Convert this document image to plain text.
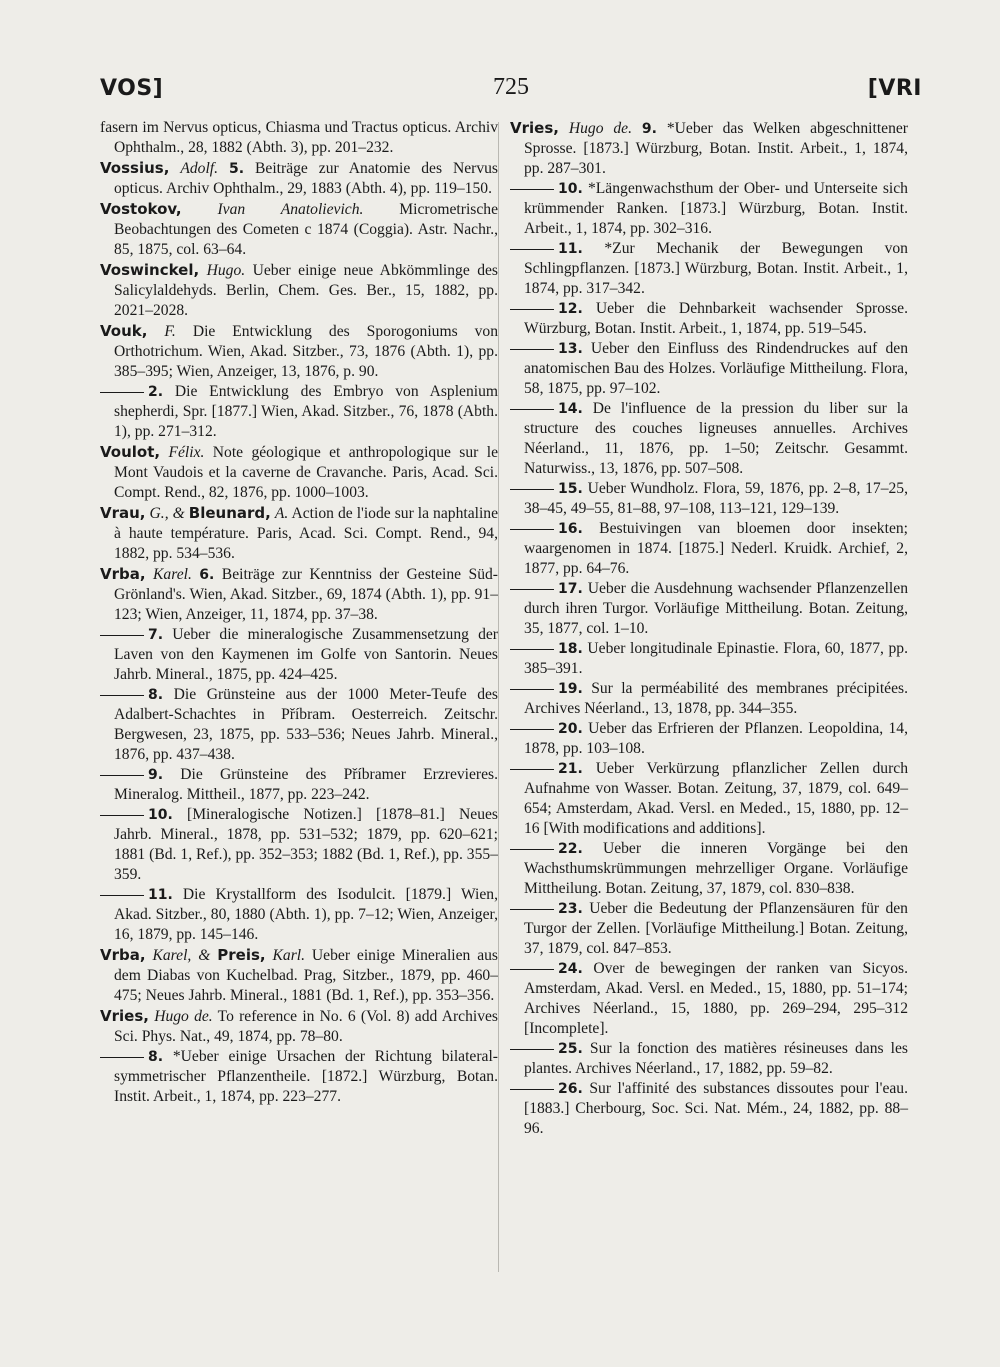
VOS]	725	[VRI

fasern im Nervus opticus, Chiasma und Tractus opticus. Archiv Ophthalm., 28, 1882 (Abth. 3), pp. 201–232.

Vossius, Adolf. 5. Beiträge zur Anatomie des Nervus opticus. Archiv Ophthalm., 29, 1883 (Abth. 4), pp. 119–150.

Vostokov, Ivan Anatolievich. Micrometrische Beobachtungen des Cometen c 1874 (Coggia). Astr. Nachr., 85, 1875, col. 63–64.

Voswinckel, Hugo. Ueber einige neue Abkömmlinge des Salicylaldehyds. Berlin, Chem. Ges. Ber., 15, 1882, pp. 2021–2028.

Vouk, F. Die Entwicklung des Sporogoniums von Orthotrichum. Wien, Akad. Sitzber., 73, 1876 (Abth. 1), pp. 385–395; Wien, Anzeiger, 13, 1876, p. 90.

2. Die Entwicklung des Embryo von Asplenium shepherdi, Spr. [1877.] Wien, Akad. Sitzber., 76, 1878 (Abth. 1), pp. 271–312.

Voulot, Félix. Note géologique et anthropologique sur le Mont Vaudois et la caverne de Cravanche. Paris, Acad. Sci. Compt. Rend., 82, 1876, pp. 1000–1003.

Vrau, G., & Bleunard, A. Action de l'iode sur la naphtaline à haute température. Paris, Acad. Sci. Compt. Rend., 94, 1882, pp. 534–536.

Vrba, Karel. 6. Beiträge zur Kenntniss der Gesteine Süd-Grönland's. Wien, Akad. Sitzber., 69, 1874 (Abth. 1), pp. 91–123; Wien, Anzeiger, 11, 1874, pp. 37–38.

7. Ueber die mineralogische Zusammensetzung der Laven von den Kaymenen im Golfe von Santorin. Neues Jahrb. Mineral., 1875, pp. 424–425.

8. Die Grünsteine aus der 1000 Meter-Teufe des Adalbert-Schachtes in Příbram. Oesterreich. Zeitschr. Bergwesen, 23, 1875, pp. 533–536; Neues Jahrb. Mineral., 1876, pp. 437–438.

9. Die Grünsteine des Příbramer Erzrevieres. Mineralog. Mittheil., 1877, pp. 223–242.

10. [Mineralogische Notizen.] [1878–81.] Neues Jahrb. Mineral., 1878, pp. 531–532; 1879, pp. 620–621; 1881 (Bd. 1, Ref.), pp. 352–353; 1882 (Bd. 1, Ref.), pp. 355–359.

11. Die Krystallform des Isodulcit. [1879.] Wien, Akad. Sitzber., 80, 1880 (Abth. 1), pp. 7–12; Wien, Anzeiger, 16, 1879, pp. 145–146.

Vrba, Karel, & Preis, Karl. Ueber einige Mineralien aus dem Diabas von Kuchelbad. Prag, Sitzber., 1879, pp. 460–475; Neues Jahrb. Mineral., 1881 (Bd. 1, Ref.), pp. 353–356.

Vries, Hugo de. To reference in No. 6 (Vol. 8) add Archives Sci. Phys. Nat., 49, 1874, pp. 78–80.

8. *Ueber einige Ursachen der Richtung bilateral-symmetrischer Pflanzentheile. [1872.] Würzburg, Botan. Instit. Arbeit., 1, 1874, pp. 223–277.

Vries, Hugo de. 9. *Ueber das Welken abgeschnittener Sprosse. [1873.] Würzburg, Botan. Instit. Arbeit., 1, 1874, pp. 287–301.

10. *Längenwachsthum der Ober- und Unterseite sich krümmender Ranken. [1873.] Würzburg, Botan. Instit. Arbeit., 1, 1874, pp. 302–316.

11. *Zur Mechanik der Bewegungen von Schlingpflanzen. [1873.] Würzburg, Botan. Instit. Arbeit., 1, 1874, pp. 317–342.

12. Ueber die Dehnbarkeit wachsender Sprosse. Würzburg, Botan. Instit. Arbeit., 1, 1874, pp. 519–545.

13. Ueber den Einfluss des Rindendruckes auf den anatomischen Bau des Holzes. Vorläufige Mittheilung. Flora, 58, 1875, pp. 97–102.

14. De l'influence de la pression du liber sur la structure des couches ligneuses annuelles. Archives Néerland., 11, 1876, pp. 1–50; Zeitschr. Gesammt. Naturwiss., 13, 1876, pp. 507–508.

15. Ueber Wundholz. Flora, 59, 1876, pp. 2–8, 17–25, 38–45, 49–55, 81–88, 97–108, 113–121, 129–139.

16. Bestuivingen van bloemen door insekten; waargenomen in 1874. [1875.] Nederl. Kruidk. Archief, 2, 1877, pp. 64–76.

17. Ueber die Ausdehnung wachsender Pflanzenzellen durch ihren Turgor. Vorläufige Mittheilung. Botan. Zeitung, 35, 1877, col. 1–10.

18. Ueber longitudinale Epinastie. Flora, 60, 1877, pp. 385–391.

19. Sur la perméabilité des membranes précipitées. Archives Néerland., 13, 1878, pp. 344–355.

20. Ueber das Erfrieren der Pflanzen. Leopoldina, 14, 1878, pp. 103–108.

21. Ueber Verkürzung pflanzlicher Zellen durch Aufnahme von Wasser. Botan. Zeitung, 37, 1879, col. 649–654; Amsterdam, Akad. Versl. en Meded., 15, 1880, pp. 12–16 [With modifications and additions].

22. Ueber die inneren Vorgänge bei den Wachsthumskrümmungen mehrzelliger Organe. Vorläufige Mittheilung. Botan. Zeitung, 37, 1879, col. 830–838.

23. Ueber die Bedeutung der Pflanzensäuren für den Turgor der Zellen. [Vorläufige Mittheilung.] Botan. Zeitung, 37, 1879, col. 847–853.

24. Over de bewegingen der ranken van Sicyos. Amsterdam, Akad. Versl. en Meded., 15, 1880, pp. 51–174; Archives Néerland., 15, 1880, pp. 269–294, 295–312 [Incomplete].

25. Sur la fonction des matières résineuses dans les plantes. Archives Néerland., 17, 1882, pp. 59–82.

26. Sur l'affinité des substances dissoutes pour l'eau. [1883.] Cherbourg, Soc. Sci. Nat. Mém., 24, 1882, pp. 88–96.
